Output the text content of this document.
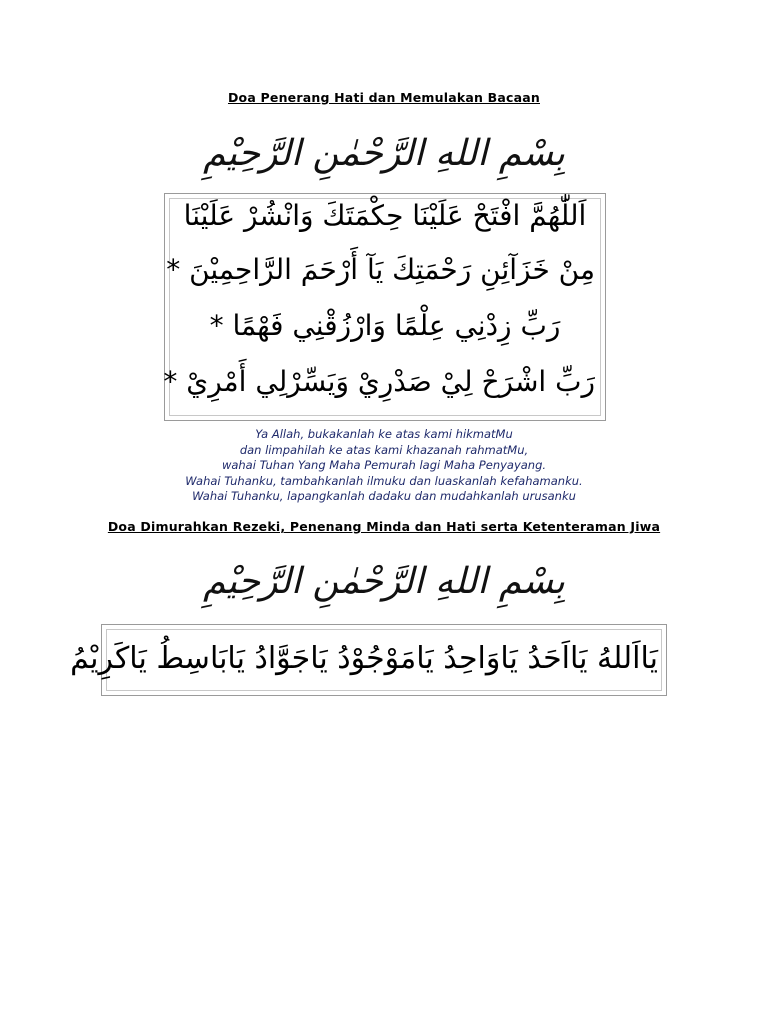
Doa Penerang Hati dan Memulakan Bacaan
بِسْمِ اللهِ الرَّحْمٰنِ الرَّحِيْمِ
اَللّٰهُمَّ افْتَحْ عَلَيْنَا حِكْمَتَكَ وَانْشُرْ عَلَيْنَا
مِنْ خَزَآئِنِ رَحْمَتِكَ يَآ أَرْحَمَ الرَّاحِمِيْنَ *
رَبِّ زِدْنِي عِلْمًا وَارْزُقْنِي فَهْمًا *
رَبِّ اشْرَحْ لِيْ صَدْرِيْ وَيَسِّرْلِي أَمْرِيْ *
Ya Allah, bukakanlah ke atas kami hikmatMu
dan limpahilah ke atas kami khazanah rahmatMu,
wahai Tuhan Yang Maha Pemurah lagi Maha Penyayang.
Wahai Tuhanku, tambahkanlah ilmuku dan luaskanlah kefahamanku.
Wahai Tuhanku, lapangkanlah dadaku dan mudahkanlah urusanku
Doa Dimurahkan Rezeki, Penenang Minda dan Hati serta Ketenteraman Jiwa
بِسْمِ اللهِ الرَّحْمٰنِ الرَّحِيْمِ
يَااَللهُ يَااَحَدُ يَاوَاحِدُ يَامَوْجُوْدُ يَاجَوَّادُ يَابَاسِطُ يَاكَرِيْمُ
